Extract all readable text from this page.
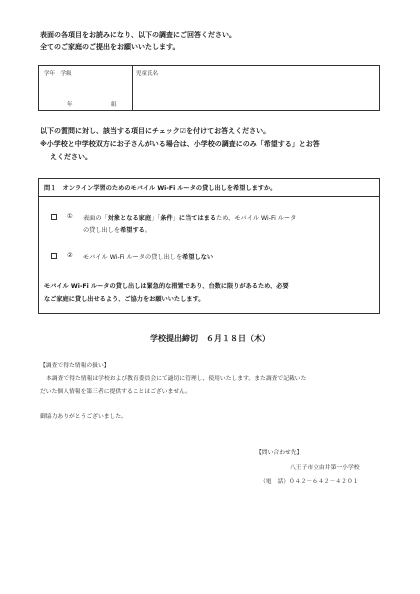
表面の各項目をお読みになり、以下の調査にご回答ください。
全てのご家庭のご提出をお願いいたします。
学年　学級	児童氏名
年	組
以下の質問に対し、該当する項目にチェック☑を付けてお答えください。
※小学校と中学校双方にお子さんがいる場合は、小学校の調査にのみ「希望する」とお答
えください。
問１　オンライン学習のためのモバイル Wi-Fi ルータの貸し出しを希望しますか。
① 表面の「対象となる家庭」「条件」に当てはまるため、モバイル Wi-Fi ルータ
の貸し出しを希望する。
② モバイル Wi-Fi ルータの貸し出しを希望しない
モバイル Wi-Fi ルータの貸し出しは緊急的な措置であり、台数に限りがあるため、必要
なご家庭に貸し出せるよう、ご協力をお願いいたします。
学校提出締切　６月１８日（木）
【調査で得た情報の扱い】
本調査で得た情報は学校および教育委員会にて適切に管理し、使用いたします。また調査で記載いた
だいた個人情報を第三者に提供することはございません。
御協力ありがとうございました。
【問い合わせ先】
八王子市立由井第一小学校
（電　話）０４２－６４２－４２０１
